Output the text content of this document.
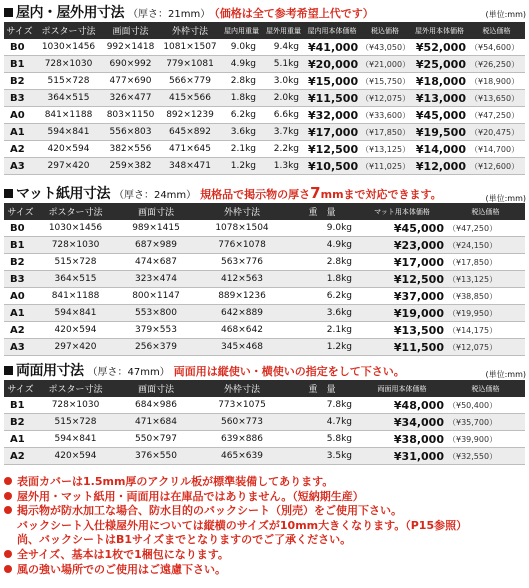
屋内・屋外用寸法 （厚さ：21mm） （価格は全て参考希望上代です）	(単位:mm)
サイズ	ポスター寸法	画面寸法	外枠寸法	屋内用重量	屋外用重量	屋内用本体価格	税込価格	屋外用本体価格	税込価格
B0	1030×1456	992×1418	1081×1507	9.0kg	9.4kg	¥41,000	（¥43,050）	¥52,000	（¥54,600）
B1	728×1030	690×992	779×1081	4.9kg	5.1kg	¥20,000	（¥21,000）	¥25,000	（¥26,250）
B2	515×728	477×690	566×779	2.8kg	3.0kg	¥15,000	（¥15,750）	¥18,000	（¥18,900）
B3	364×515	326×477	415×566	1.8kg	2.0kg	¥11,500	（¥12,075）	¥13,000	（¥13,650）
A0	841×1188	803×1150	892×1239	6.2kg	6.6kg	¥32,000	（¥33,600）	¥45,000	（¥47,250）
A1	594×841	556×803	645×892	3.6kg	3.7kg	¥17,000	（¥17,850）	¥19,500	（¥20,475）
A2	420×594	382×556	471×645	2.1kg	2.2kg	¥12,500	（¥13,125）	¥14,000	（¥14,700）
A3	297×420	259×382	348×471	1.2kg	1.3kg	¥10,500	（¥11,025）	¥12,000	（¥12,600）
マット紙用寸法 （厚さ：24mm） 規格品で掲示物の厚さ7mmまで対応できます。	(単位:mm)
サイズ	ポスター寸法	画面寸法	外枠寸法	重　量	マット用本体価格	税込価格
B0	1030×1456	989×1415	1078×1504	9.0kg	¥45,000	（¥47,250）
B1	728×1030	687×989	776×1078	4.9kg	¥23,000	（¥24,150）
B2	515×728	474×687	563×776	2.8kg	¥17,000	（¥17,850）
B3	364×515	323×474	412×563	1.8kg	¥12,500	（¥13,125）
A0	841×1188	800×1147	889×1236	6.2kg	¥37,000	（¥38,850）
A1	594×841	553×800	642×889	3.6kg	¥19,000	（¥19,950）
A2	420×594	379×553	468×642	2.1kg	¥13,500	（¥14,175）
A3	297×420	256×379	345×468	1.2kg	¥11,500	（¥12,075）
両面用寸法 （厚さ：47mm） 両面用は縦使い・横使いの指定をして下さい。	(単位:mm)
サイズ	ポスター寸法	画面寸法	外枠寸法	重　量	両面用本体価格	税込価格
B1	728×1030	684×986	773×1075	7.8kg	¥48,000	（¥50,400）
B2	515×728	471×684	560×773	4.7kg	¥34,000	（¥35,700）
A1	594×841	550×797	639×886	5.8kg	¥38,000	（¥39,900）
A2	420×594	376×550	465×639	3.5kg	¥31,000	（¥32,550）
表面カバーは1.5mm厚のアクリル板が標準装備してあります。
屋外用・マット紙用・両面用は在庫品ではありません。（短納期生産）
掲示物が防水加工な場合、防水目的のバックシート（別売）をご使用下さい。
バックシート入仕様屋外用については縦横のサイズが10mm大きくなります。（P15参照）
尚、バックシートはB1サイズまでとなりますのでご了承ください。
全サイズ、基本は1枚で1梱包になります。
風の強い場所でのご使用はご遠慮下さい。
